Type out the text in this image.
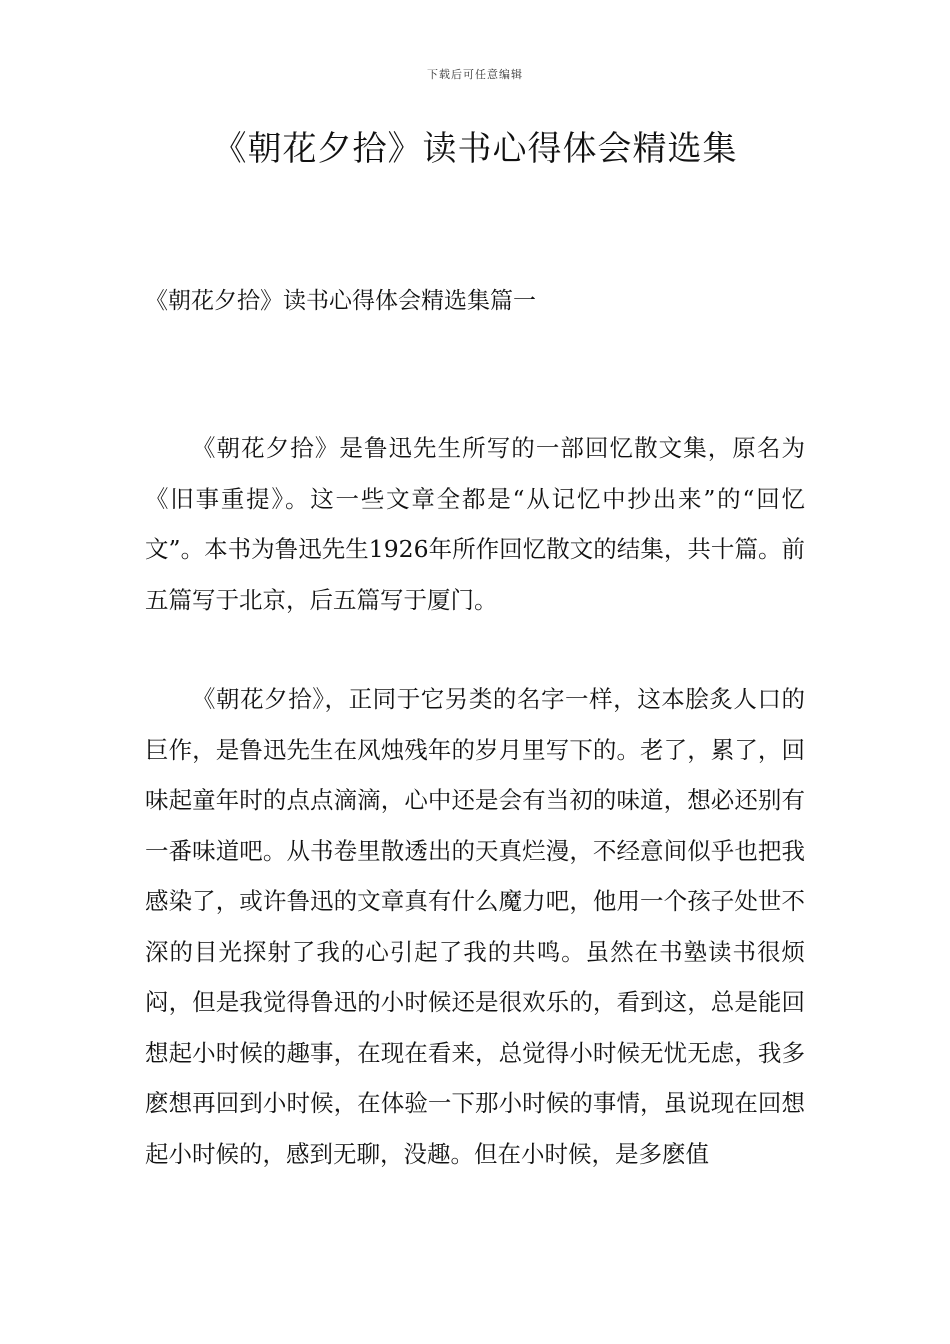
下载后可任意编辑
《朝花夕拾》读书心得体会精选集
《朝花夕拾》读书心得体会精选集篇一

《朝花夕拾》是鲁迅先生所写的一部回忆散文集，原名为《旧事重提》。这一些文章全都是“从记忆中抄出来”的“回忆文”。本书为鲁迅先生1926年所作回忆散文的结集，共十篇。前五篇写于北京，后五篇写于厦门。

《朝花夕拾》，正同于它另类的名字一样，这本脍炙人口的巨作，是鲁迅先生在风烛残年的岁月里写下的。老了，累了，回味起童年时的点点滴滴，心中还是会有当初的味道，想必还别有一番味道吧。从书卷里散透出的天真烂漫，不经意间似乎也把我感染了，或许鲁迅的文章真有什么魔力吧，他用一个孩子处世不深的目光探射了我的心引起了我的共鸣。虽然在书塾读书很烦闷，但是我觉得鲁迅的小时候还是很欢乐的，看到这，总是能回想起小时候的趣事，在现在看来，总觉得小时候无忧无虑，我多麽想再回到小时候，在体验一下那小时候的事情，虽说现在回想起小时候的，感到无聊，没趣。但在小时候，是多麽值
